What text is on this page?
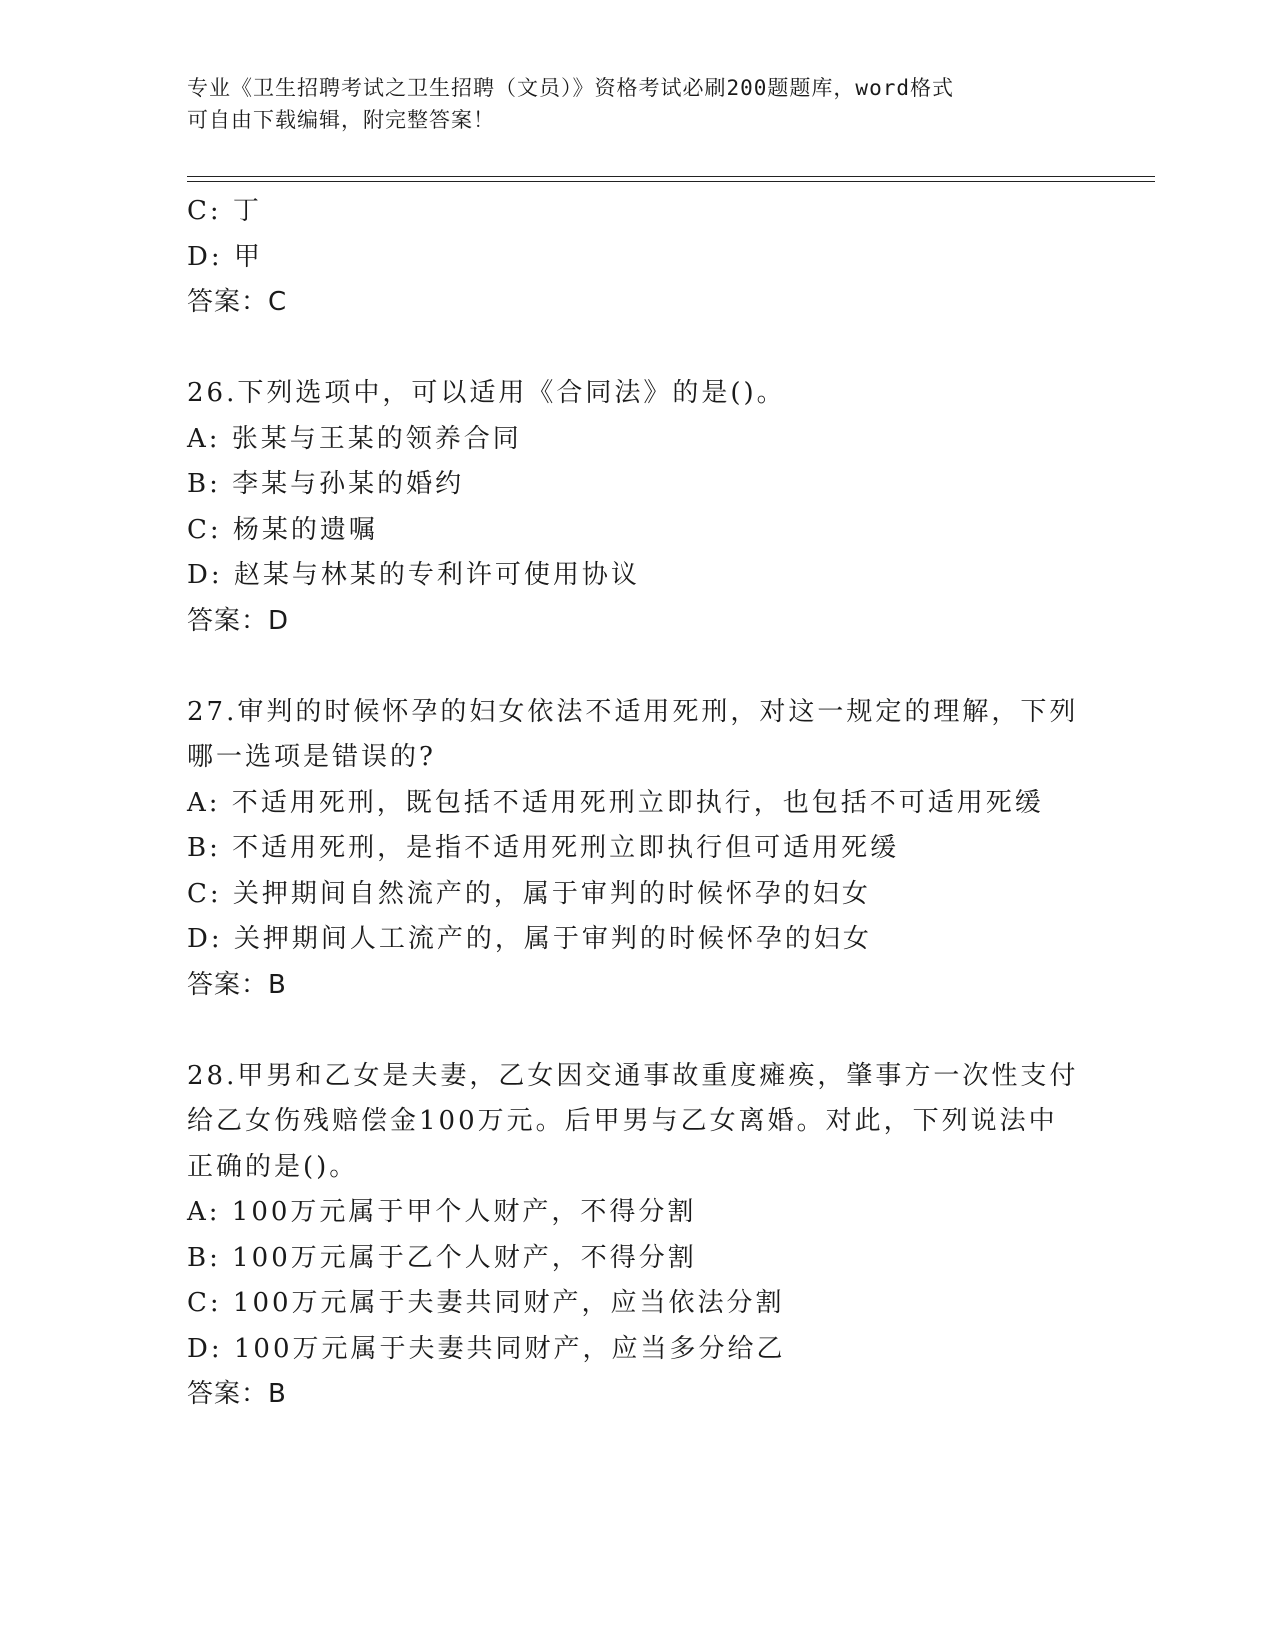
专业《卫生招聘考试之卫生招聘（文员）》资格考试必刷200题题库，word格式
可自由下载编辑，附完整答案！
C: 丁
D: 甲
答案：C
26.下列选项中，可以适用《合同法》的是()。
A: 张某与王某的领养合同
B: 李某与孙某的婚约
C: 杨某的遗嘱
D: 赵某与林某的专利许可使用协议
答案：D
27.审判的时候怀孕的妇女依法不适用死刑，对这一规定的理解，下列
哪一选项是错误的?
A: 不适用死刑，既包括不适用死刑立即执行，也包括不可适用死缓
B: 不适用死刑，是指不适用死刑立即执行但可适用死缓
C: 关押期间自然流产的，属于审判的时候怀孕的妇女
D: 关押期间人工流产的，属于审判的时候怀孕的妇女
答案：B
28.甲男和乙女是夫妻，乙女因交通事故重度瘫痪，肇事方一次性支付
给乙女伤残赔偿金100万元。后甲男与乙女离婚。对此，下列说法中
正确的是()。
A: 100万元属于甲个人财产，不得分割
B: 100万元属于乙个人财产，不得分割
C: 100万元属于夫妻共同财产，应当依法分割
D: 100万元属于夫妻共同财产，应当多分给乙
答案：B
